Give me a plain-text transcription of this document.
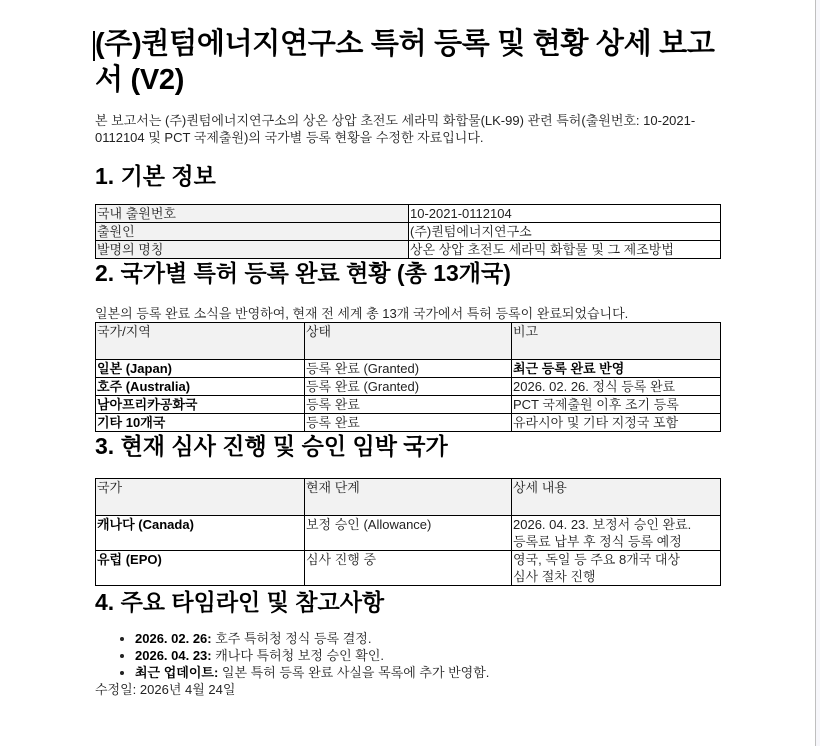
(주)퀀텀에너지연구소 특허 등록 및 현황 상세 보고서 (V2)

본 보고서는 (주)퀀텀에너지연구소의 상온 상압 초전도 세라믹 화합물(LK-99) 관련 특허(출원번호: 10-2021-0112104 및 PCT 국제출원)의 국가별 등록 현황을 수정한 자료입니다.

1. 기본 정보
국내 출원번호	10-2021-0112104
출원인	(주)퀀텀에너지연구소
발명의 명칭	상온 상압 초전도 세라믹 화합물 및 그 제조방법
2. 국가별 특허 등록 완료 현황 (총 13개국)

일본의 등록 완료 소식을 반영하여, 현재 전 세계 총 13개 국가에서 특허 등록이 완료되었습니다.

국가/지역	상태	비고
일본 (Japan)	등록 완료 (Granted)	최근 등록 완료 반영
호주 (Australia)	등록 완료 (Granted)	2026. 02. 26. 정식 등록 완료
남아프리카공화국	등록 완료	PCT 국제출원 이후 조기 등록
기타 10개국	등록 완료	유라시아 및 기타 지정국 포함
3. 현재 심사 진행 및 승인 임박 국가
국가	현재 단계	상세 내용
캐나다 (Canada)	보정 승인 (Allowance)	2026. 04. 23. 보정서 승인 완료.
등록료 납부 후 정식 등록 예정

유럽 (EPO)	심사 진행 중	영국, 독일 등 주요 8개국 대상
심사 절차 진행
4. 주요 타임라인 및 참고사항
• 2026. 02. 26: 호주 특허청 정식 등록 결정.
• 2026. 04. 23: 캐나다 특허청 보정 승인 확인.
• 최근 업데이트: 일본 특허 등록 완료 사실을 목록에 추가 반영함.
수정일: 2026년 4월 24일
